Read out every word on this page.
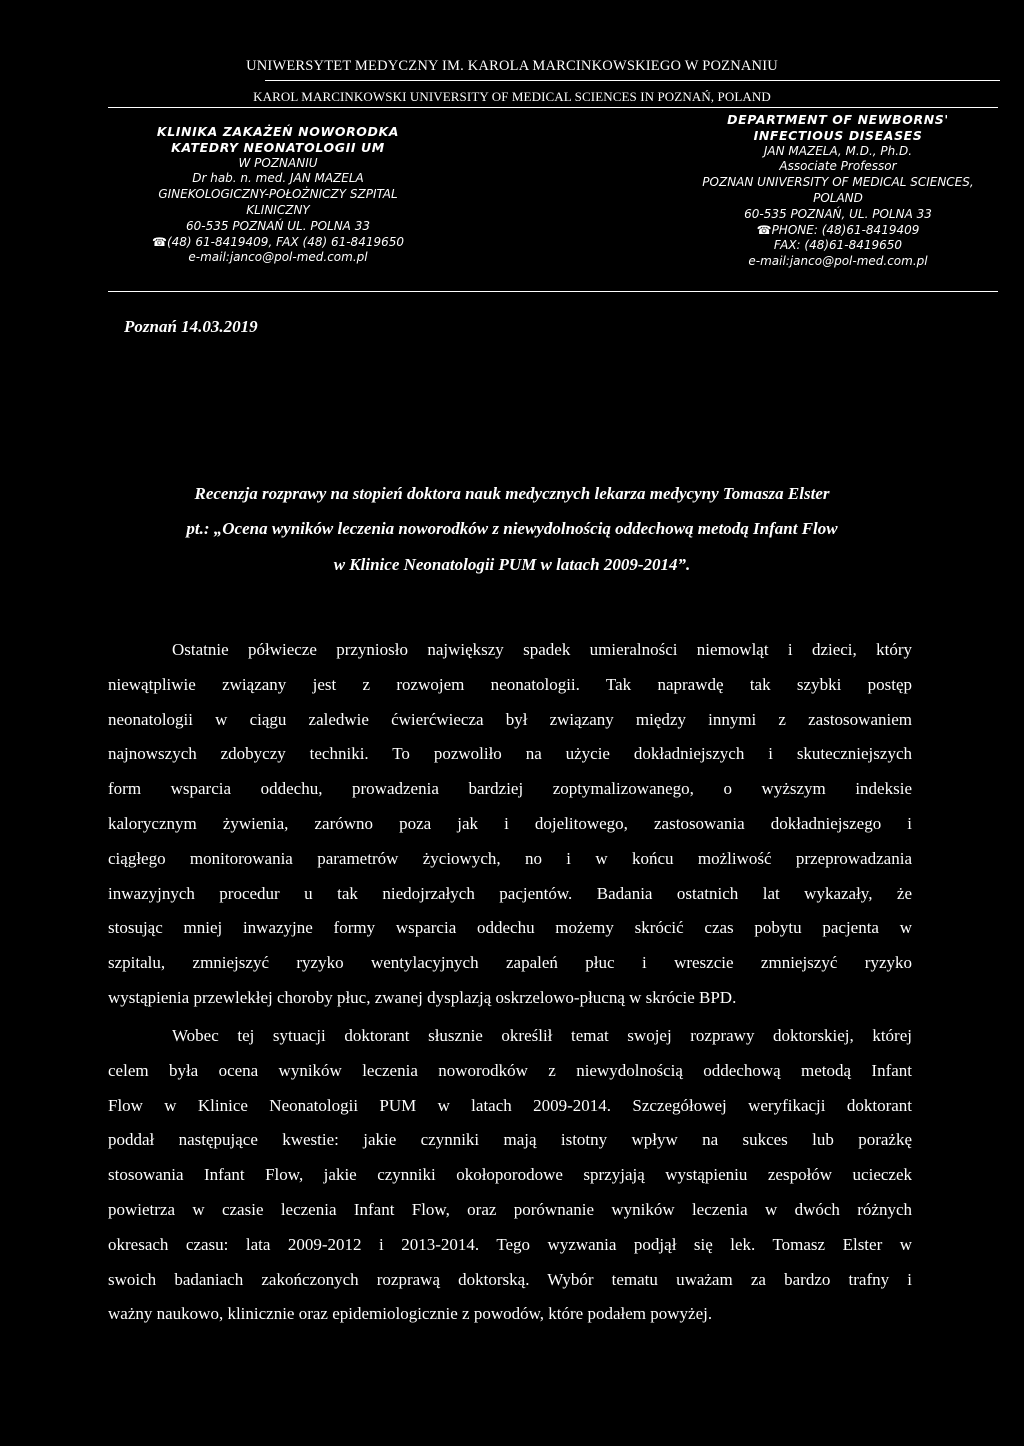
UNIWERSYTET MEDYCZNY IM. KAROLA MARCINKOWSKIEGO W POZNANIU
KAROL MARCINKOWSKI UNIVERSITY OF MEDICAL SCIENCES IN POZNAŃ, POLAND
KLINIKA ZAKAŻEŃ NOWORODKA
KATEDRY NEONATOLOGII UM
W POZNANIU
Dr hab. n. med. JAN MAZELA
GINEKOLOGICZNY-POŁOŻNICZY SZPITAL
KLINICZNY
60-535 POZNAŃ UL. POLNA 33
☎(48) 61-8419409, FAX (48) 61-8419650
e-mail:janco@pol-med.com.pl
DEPARTMENT OF NEWBORNS'
INFECTIOUS DISEASES
JAN MAZELA, M.D., Ph.D.
Associate Professor
POZNAN UNIVERSITY OF MEDICAL SCIENCES,
POLAND
60-535 POZNAŃ, UL. POLNA 33
☎PHONE: (48)61-8419409
FAX: (48)61-8419650
e-mail:janco@pol-med.com.pl
Poznań 14.03.2019
Recenzja rozprawy na stopień doktora nauk medycznych lekarza medycyny Tomasza Elster
pt.: „Ocena wyników leczenia noworodków z niewydolnością oddechową metodą Infant Flow
w Klinice Neonatologii PUM w latach 2009-2014”.
Ostatnie półwiecze przyniosło największy spadek umieralności niemowląt i dzieci, który
niewątpliwie związany jest z rozwojem neonatologii. Tak naprawdę tak szybki postęp
neonatologii w ciągu zaledwie ćwierćwiecza był związany między innymi z zastosowaniem
najnowszych zdobyczy techniki. To pozwoliło na użycie dokładniejszych i skuteczniejszych
form wsparcia oddechu, prowadzenia bardziej zoptymalizowanego, o wyższym indeksie
kalorycznym żywienia, zarówno poza jak i dojelitowego, zastosowania dokładniejszego i
ciągłego monitorowania parametrów życiowych, no i w końcu możliwość przeprowadzania
inwazyjnych procedur u tak niedojrzałych pacjentów. Badania ostatnich lat wykazały, że
stosując mniej inwazyjne formy wsparcia oddechu możemy skrócić czas pobytu pacjenta w
szpitalu, zmniejszyć ryzyko wentylacyjnych zapaleń płuc i wreszcie zmniejszyć ryzyko
wystąpienia przewlekłej choroby płuc, zwanej dysplazją oskrzelowo-płucną w skrócie BPD.
Wobec tej sytuacji doktorant słusznie określił temat swojej rozprawy doktorskiej, której
celem była ocena wyników leczenia noworodków z niewydolnością oddechową metodą Infant
Flow w Klinice Neonatologii PUM w latach 2009-2014. Szczegółowej weryfikacji doktorant
poddał następujące kwestie: jakie czynniki mają istotny wpływ na sukces lub porażkę
stosowania Infant Flow, jakie czynniki okołoporodowe sprzyjają wystąpieniu zespołów ucieczek
powietrza w czasie leczenia Infant Flow, oraz porównanie wyników leczenia w dwóch różnych
okresach czasu: lata 2009-2012 i 2013-2014. Tego wyzwania podjął się lek. Tomasz Elster w
swoich badaniach zakończonych rozprawą doktorską. Wybór tematu uważam za bardzo trafny i
ważny naukowo, klinicznie oraz epidemiologicznie z powodów, które podałem powyżej.
